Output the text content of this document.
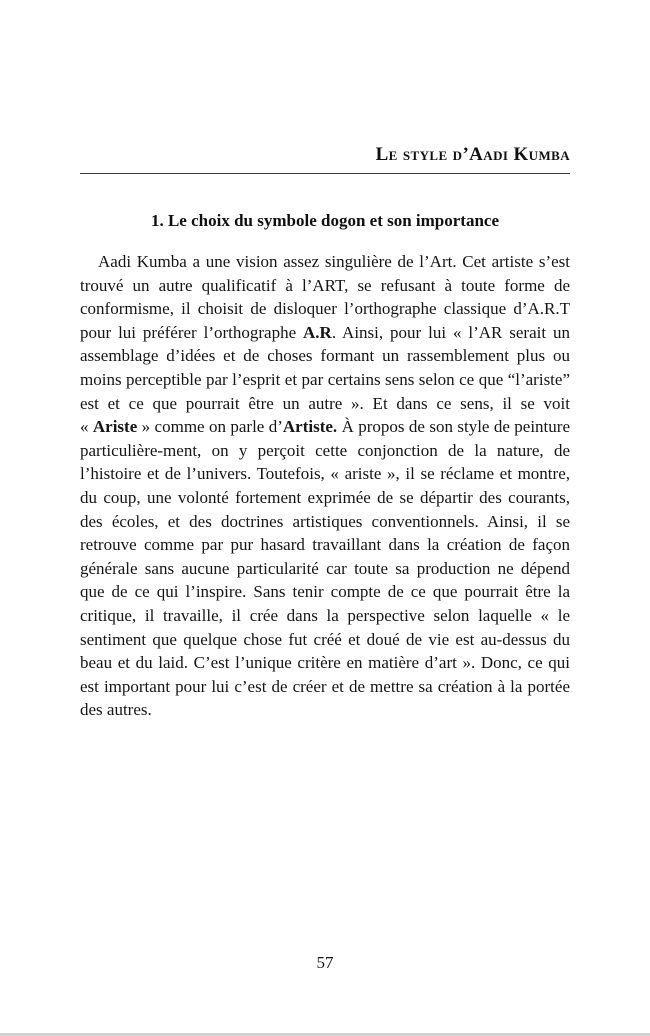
Le style d’Aadi Kumba
1. Le choix du symbole dogon et son importance

Aadi Kumba a une vision assez singulière de l’Art. Cet artiste s’est trouvé un autre qualificatif à l’ART, se refusant à toute forme de conformisme, il choisit de disloquer l’orthographe classique d’A.R.T pour lui préférer l’orthographe A.R. Ainsi, pour lui « l’AR serait un assemblage d’idées et de choses formant un rassemblement plus ou moins perceptible par l’esprit et par certains sens selon ce que “l’ariste” est et ce que pourrait être un autre ». Et dans ce sens, il se voit « Ariste » comme on parle d’Artiste. À propos de son style de peinture particulière-ment, on y perçoit cette conjonction de la nature, de l’histoire et de l’univers. Toutefois, « ariste », il se réclame et montre, du coup, une volonté fortement exprimée de se départir des courants, des écoles, et des doctrines artistiques conventionnels. Ainsi, il se retrouve comme par pur hasard travaillant dans la création de façon générale sans aucune particularité car toute sa production ne dépend que de ce qui l’inspire. Sans tenir compte de ce que pourrait être la critique, il travaille, il crée dans la perspective selon laquelle « le sentiment que quelque chose fut créé et doué de vie est au-dessus du beau et du laid. C’est l’unique critère en matière d’art ». Donc, ce qui est important pour lui c’est de créer et de mettre sa création à la portée des autres.

57
